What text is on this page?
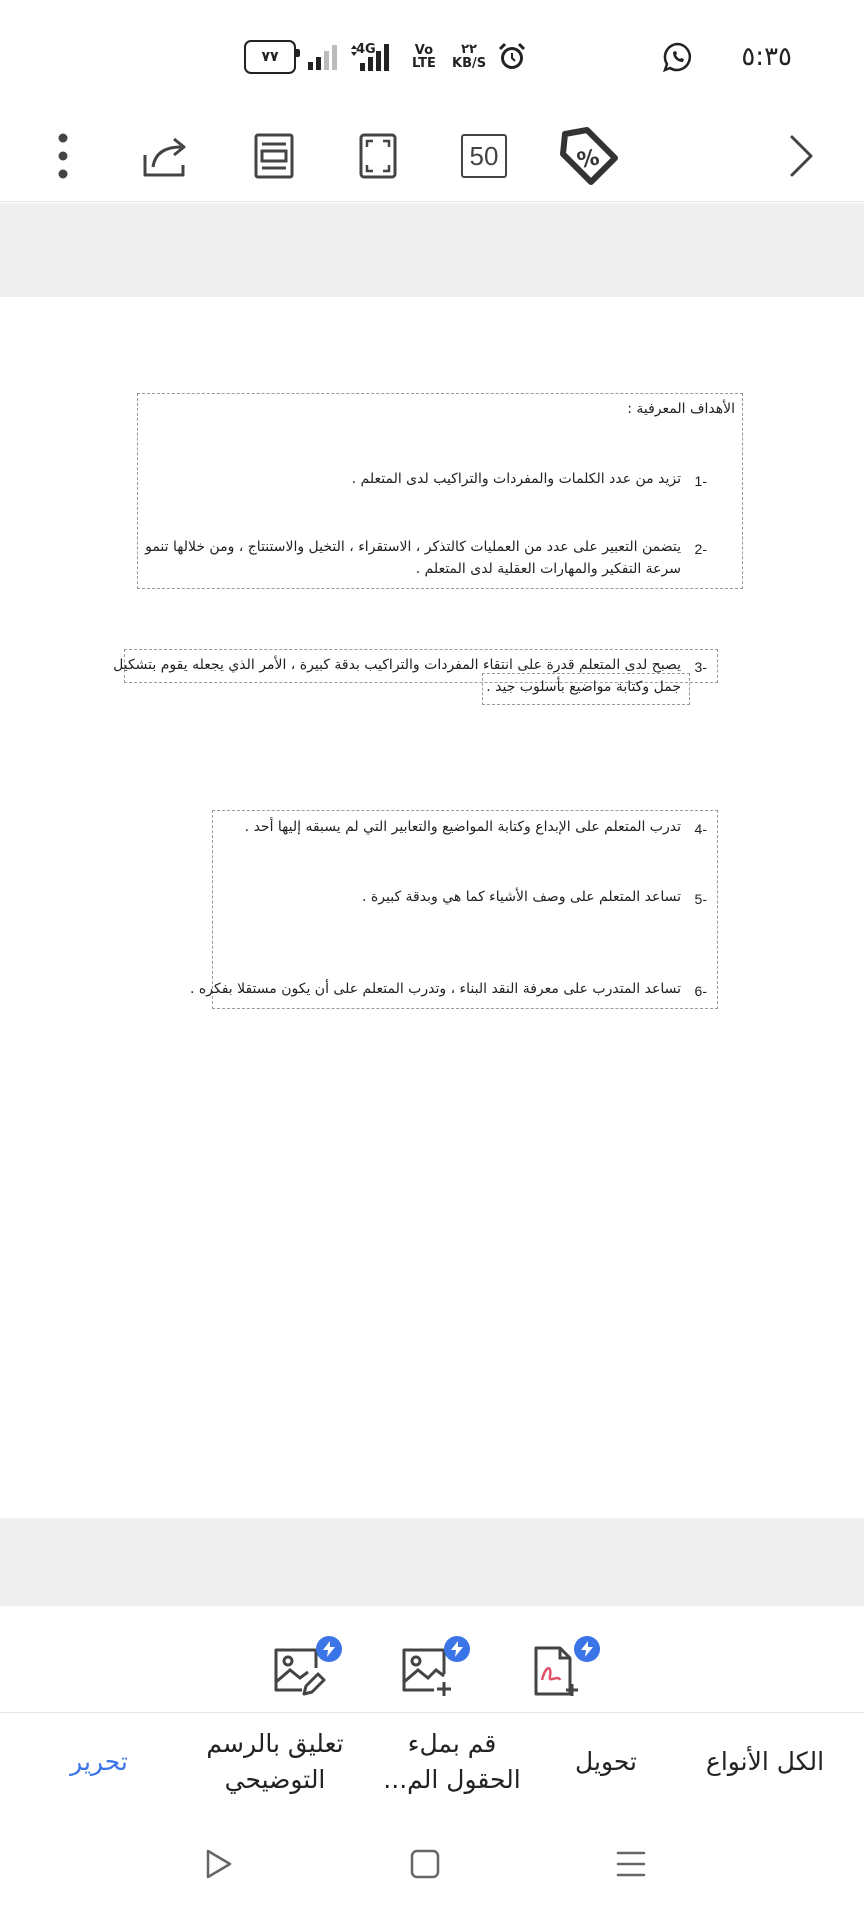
٧٧	4G	Vo
LTE
٢٢
KB/S	٥:٣٥
50	%
الأهداف المعرفية :
-1
تزيد من عدد الكلمات والمفردات والتراكيب لدى المتعلم .
-2
يتضمن التعبير على عدد من العمليات كالتذكر ، الاستقراء ، التخيل والاستنتاج ، ومن خلالها تنمو
سرعة التفكير والمهارات العقلية لدى المتعلم .
-3
يصبح لدى المتعلم قدرة على انتقاء المفردات والتراكيب بدقة كبيرة ، الأمر الذي يجعله يقوم بتشكيل
جمل وكتابة مواضيع بأسلوب جيد .
-4
تدرب المتعلم على الإبداع وكتابة المواضيع والتعابير التي لم يسبقه إليها أحد .
-5
تساعد المتعلم على وصف الأشياء كما هي وبدقة كبيرة .
-6
تساعد المتدرب على معرفة النقد البناء ، وتدرب المتعلم على أن يكون مستقلا بفكره .
الكل الأنواع
تحويل
قم بملء
الحقول الم...
تعليق بالرسم
التوضيحي
تحرير
